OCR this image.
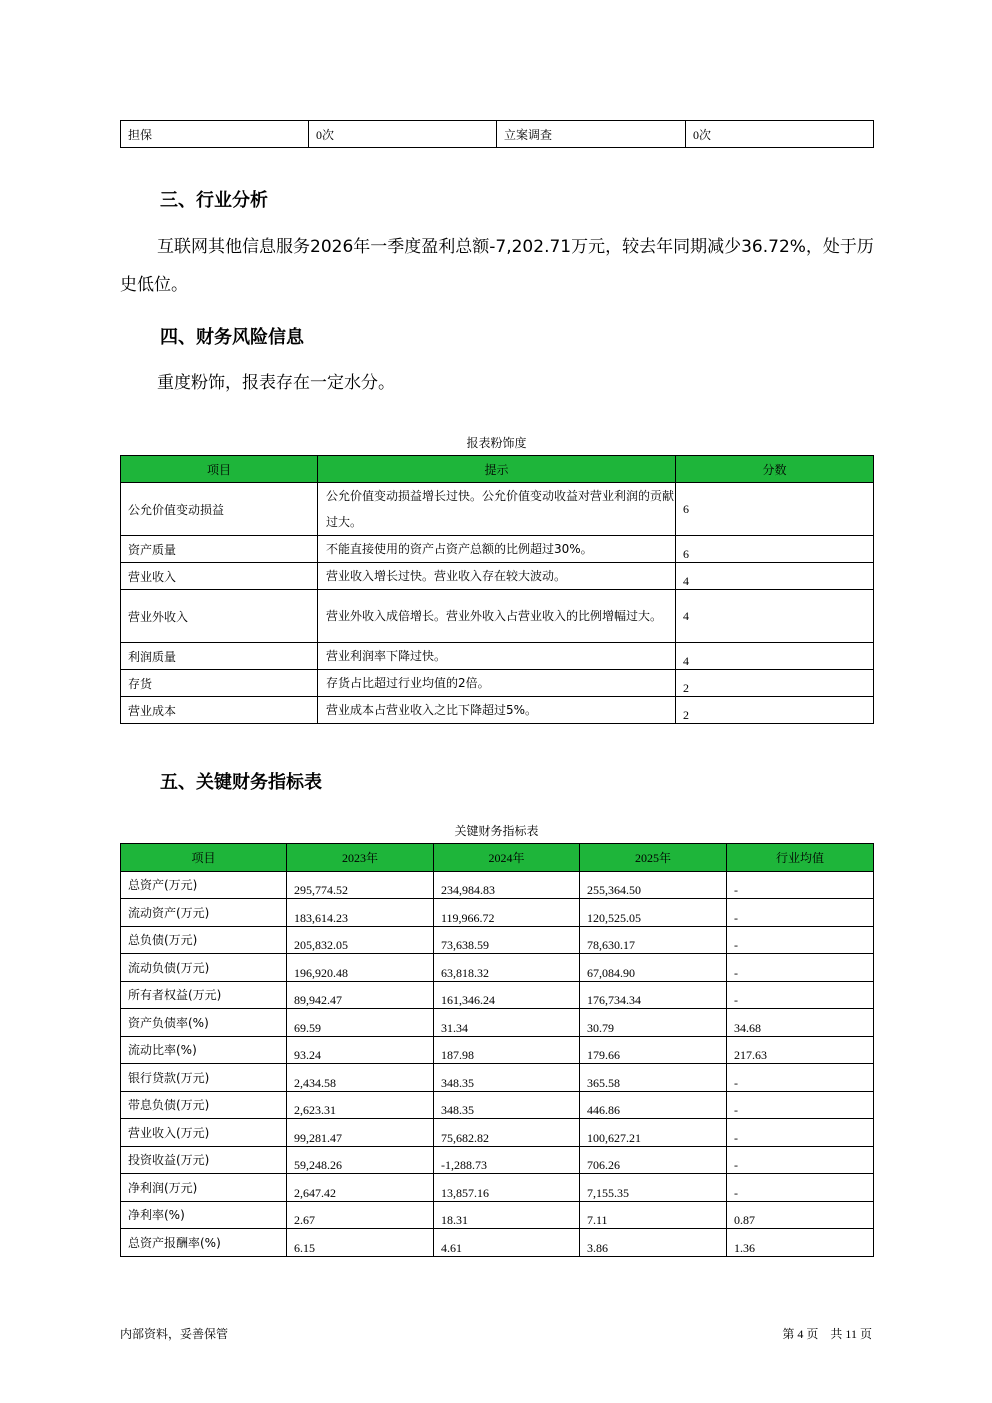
担保	0次	立案调查	0次
三、行业分析

互联网其他信息服务2026年一季度盈利总额-7,202.71万元，较去年同期减少36.72%，处于历史低位。

四、财务风险信息

重度粉饰，报表存在一定水分。

报表粉饰度
项目	提示	分数
公允价值变动损益	公允价值变动损益增长过快。公允价值变动收益对营业利润的贡献过大。	6
资产质量	不能直接使用的资产占资产总额的比例超过30%。	6
营业收入	营业收入增长过快。营业收入存在较大波动。	4
营业外收入	营业外收入成倍增长。营业外收入占营业收入的比例增幅过大。	4
利润质量	营业利润率下降过快。	4
存货	存货占比超过行业均值的2倍。	2
营业成本	营业成本占营业收入之比下降超过5%。	2
五、关键财务指标表
关键财务指标表
项目	2023年	2024年	2025年	行业均值
总资产(万元)	295,774.52	234,984.83	255,364.50	-
流动资产(万元)	183,614.23	119,966.72	120,525.05	-
总负债(万元)	205,832.05	73,638.59	78,630.17	-
流动负债(万元)	196,920.48	63,818.32	67,084.90	-
所有者权益(万元)	89,942.47	161,346.24	176,734.34	-
资产负债率(%)	69.59	31.34	30.79	34.68
流动比率(%)	93.24	187.98	179.66	217.63
银行贷款(万元)	2,434.58	348.35	365.58	-
带息负债(万元)	2,623.31	348.35	446.86	-
营业收入(万元)	99,281.47	75,682.82	100,627.21	-
投资收益(万元)	59,248.26	-1,288.73	706.26	-
净利润(万元)	2,647.42	13,857.16	7,155.35	-
净利率(%)	2.67	18.31	7.11	0.87
总资产报酬率(%)	6.15	4.61	3.86	1.36
内部资料，妥善保管	第 4 页　共 11 页
